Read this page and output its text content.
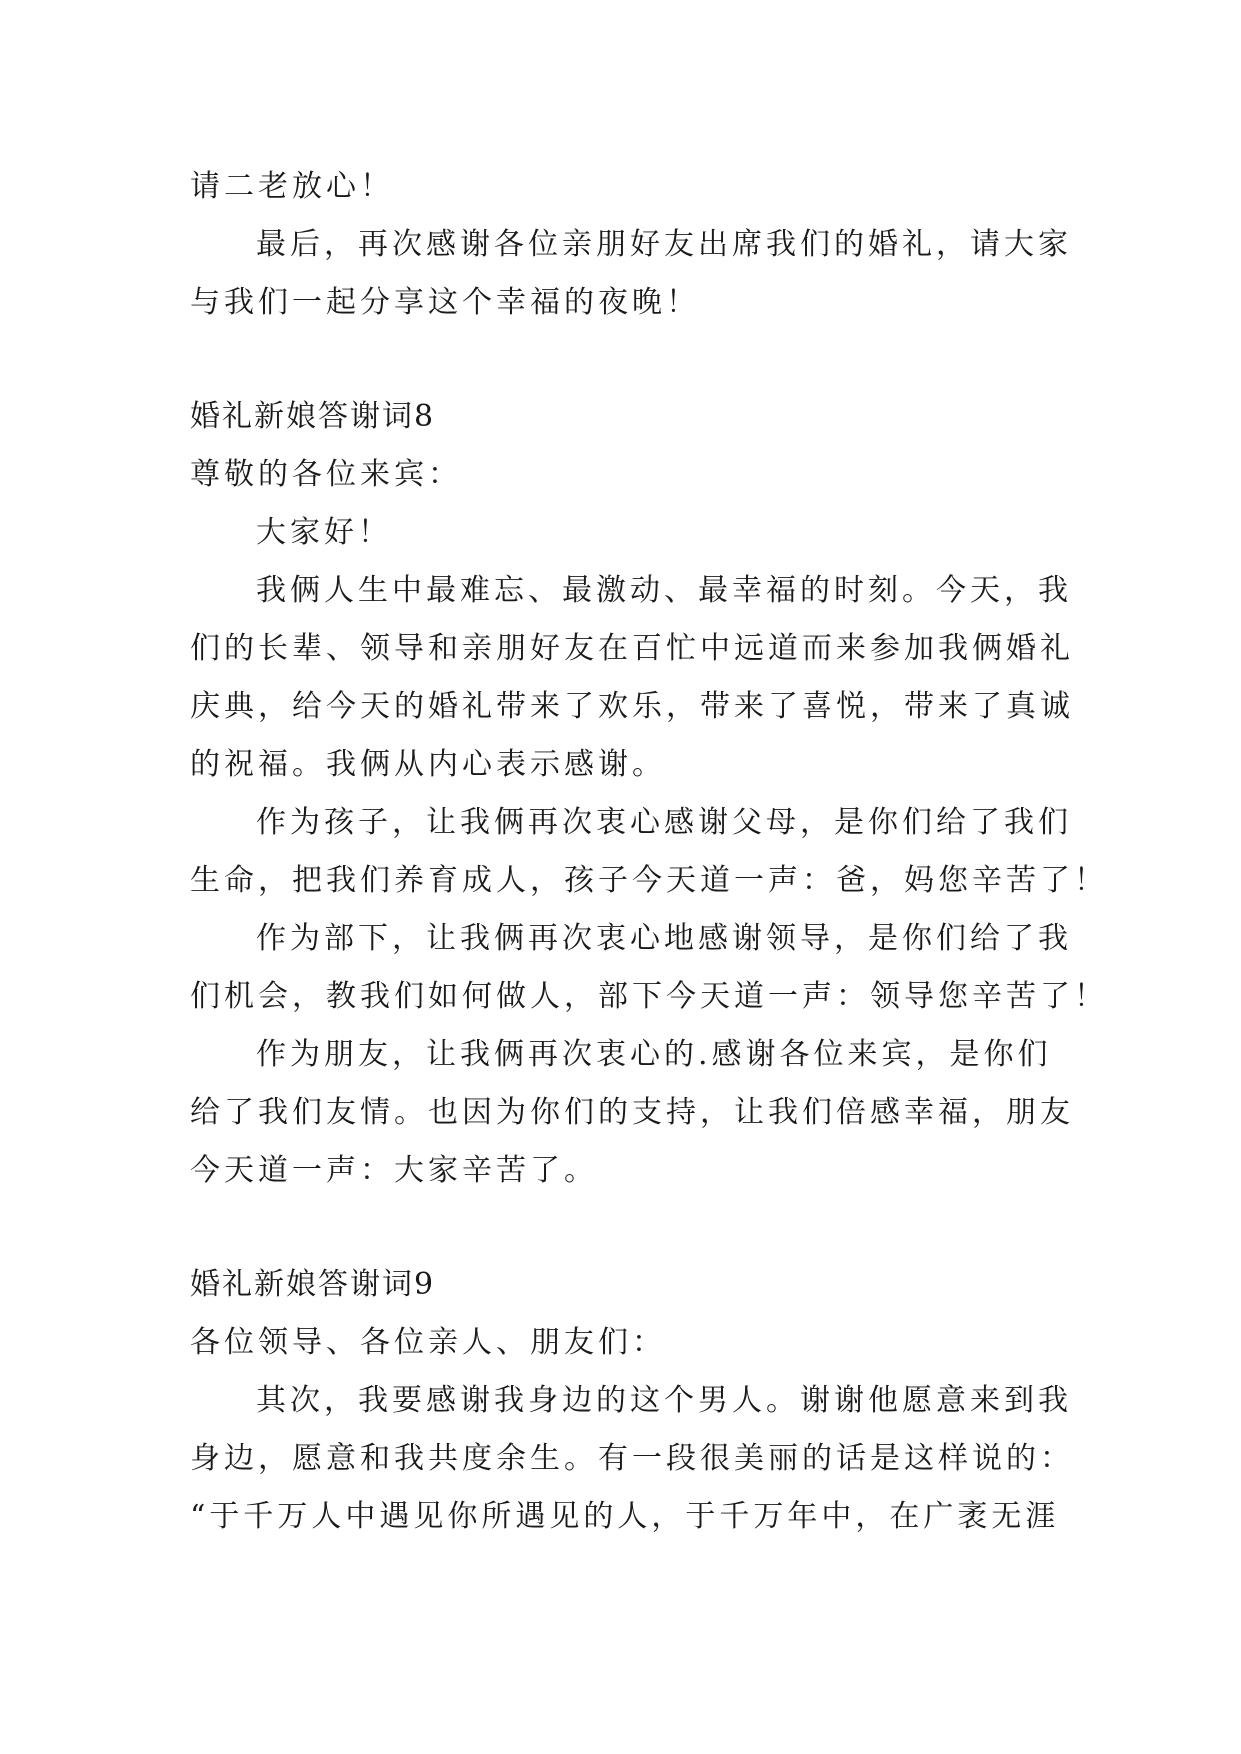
请二老放心！
最后，再次感谢各位亲朋好友出席我们的婚礼，请大家
与我们一起分享这个幸福的夜晚！
婚礼新娘答谢词8
尊敬的各位来宾：
大家好！
我俩人生中最难忘、最激动、最幸福的时刻。今天，我
们的长辈、领导和亲朋好友在百忙中远道而来参加我俩婚礼
庆典，给今天的婚礼带来了欢乐，带来了喜悦，带来了真诚
的祝福。我俩从内心表示感谢。
作为孩子，让我俩再次衷心感谢父母，是你们给了我们
生命，把我们养育成人，孩子今天道一声：爸，妈您辛苦了！
作为部下，让我俩再次衷心地感谢领导，是你们给了我
们机会，教我们如何做人，部下今天道一声：领导您辛苦了！
作为朋友，让我俩再次衷心的.感谢各位来宾，是你们
给了我们友情。也因为你们的支持，让我们倍感幸福，朋友
今天道一声：大家辛苦了。
婚礼新娘答谢词9
各位领导、各位亲人、朋友们：
其次，我要感谢我身边的这个男人。谢谢他愿意来到我
身边，愿意和我共度余生。有一段很美丽的话是这样说的：
“于千万人中遇见你所遇见的人，于千万年中，在广袤无涯
